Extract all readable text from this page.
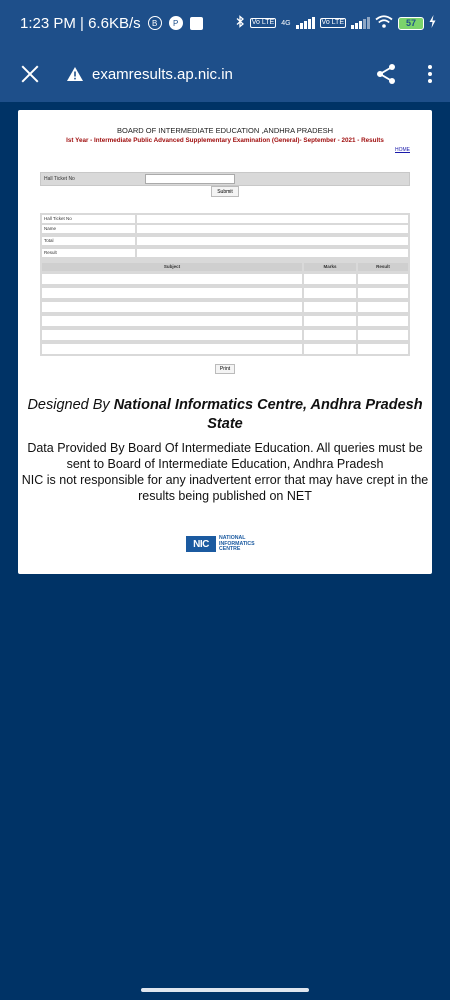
1:23 PM | 6.6KB/s	B	P	Vo LTE 4G	Vo LTE	57
examresults.ap.nic.in
BOARD OF INTERMEDIATE EDUCATION ,ANDHRA PRADESH
Ist Year - Intermediate Public Advanced Supplementary Examination (General)- September - 2021 - Results
HOME
Hall Ticket No
Submit
Hall Ticket No
Name
Total
Result
Subject	Marks	Result
Print
Designed By National Informatics Centre, Andhra Pradesh State
Data Provided By Board Of Intermediate Education. All queries must be sent to Board of Intermediate Education, Andhra Pradesh
NIC is not responsible for any inadvertent error that may have crept in the results being published on NET
NIC
NATIONAL
INFORMATICS
CENTRE
